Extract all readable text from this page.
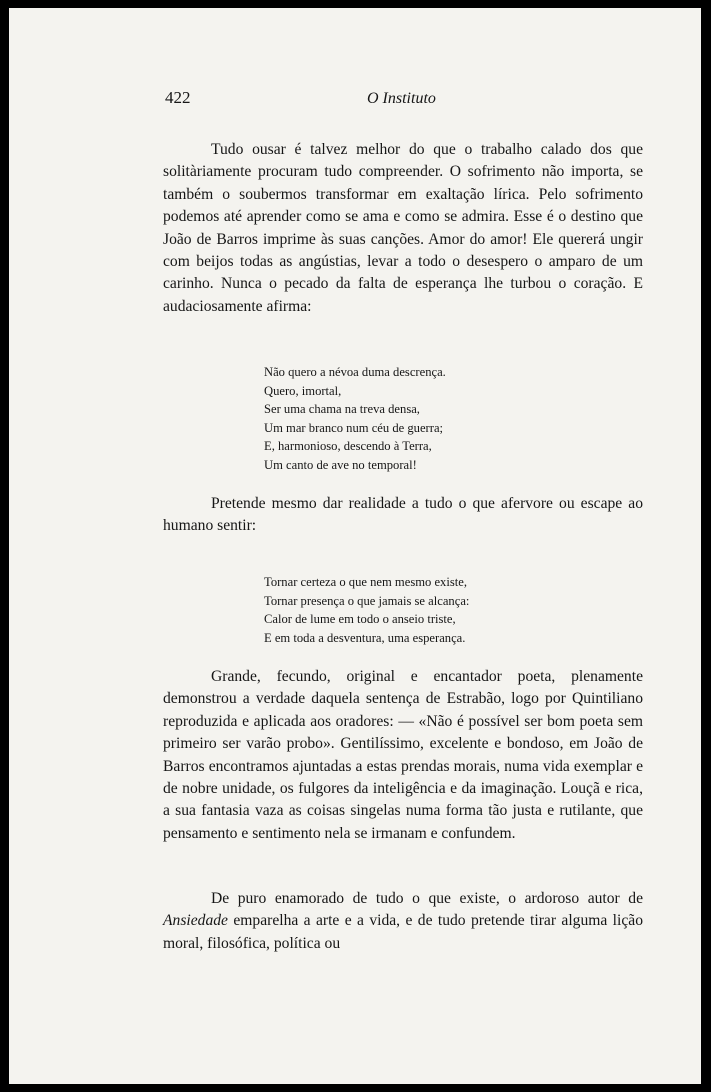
422	O Instituto

Tudo ousar é talvez melhor do que o trabalho calado dos que solitàriamente procuram tudo compreender. O sofrimento não importa, se também o soubermos transformar em exaltação lírica. Pelo sofrimento podemos até aprender como se ama e como se admira. Esse é o destino que João de Barros imprime às suas canções. Amor do amor! Ele quererá ungir com beijos todas as angústias, levar a todo o desespero o amparo de um carinho. Nunca o pecado da falta de esperança lhe turbou o coração. E audaciosamente afirma:

Não quero a névoa duma descrença.
Quero, imortal,
Ser uma chama na treva densa,
Um mar branco num céu de guerra;
E, harmonioso, descendo à Terra,
Um canto de ave no temporal!

Pretende mesmo dar realidade a tudo o que afervore ou escape ao humano sentir:

Tornar certeza o que nem mesmo existe,
Tornar presença o que jamais se alcança:
Calor de lume em todo o anseio triste,
E em toda a desventura, uma esperança.

Grande, fecundo, original e encantador poeta, plenamente demonstrou a verdade daquela sentença de Estrabão, logo por Quintiliano reproduzida e aplicada aos oradores: — «Não é possível ser bom poeta sem primeiro ser varão probo». Gentilíssimo, excelente e bondoso, em João de Barros encontramos ajuntadas a estas prendas morais, numa vida exemplar e de nobre unidade, os fulgores da inteligência e da imaginação. Louçã e rica, a sua fantasia vaza as coisas singelas numa forma tão justa e rutilante, que pensamento e sentimento nela se irmanam e confundem.

De puro enamorado de tudo o que existe, o ardoroso autor de Ansiedade emparelha a arte e a vida, e de tudo pretende tirar alguma lição moral, filosófica, política ou
